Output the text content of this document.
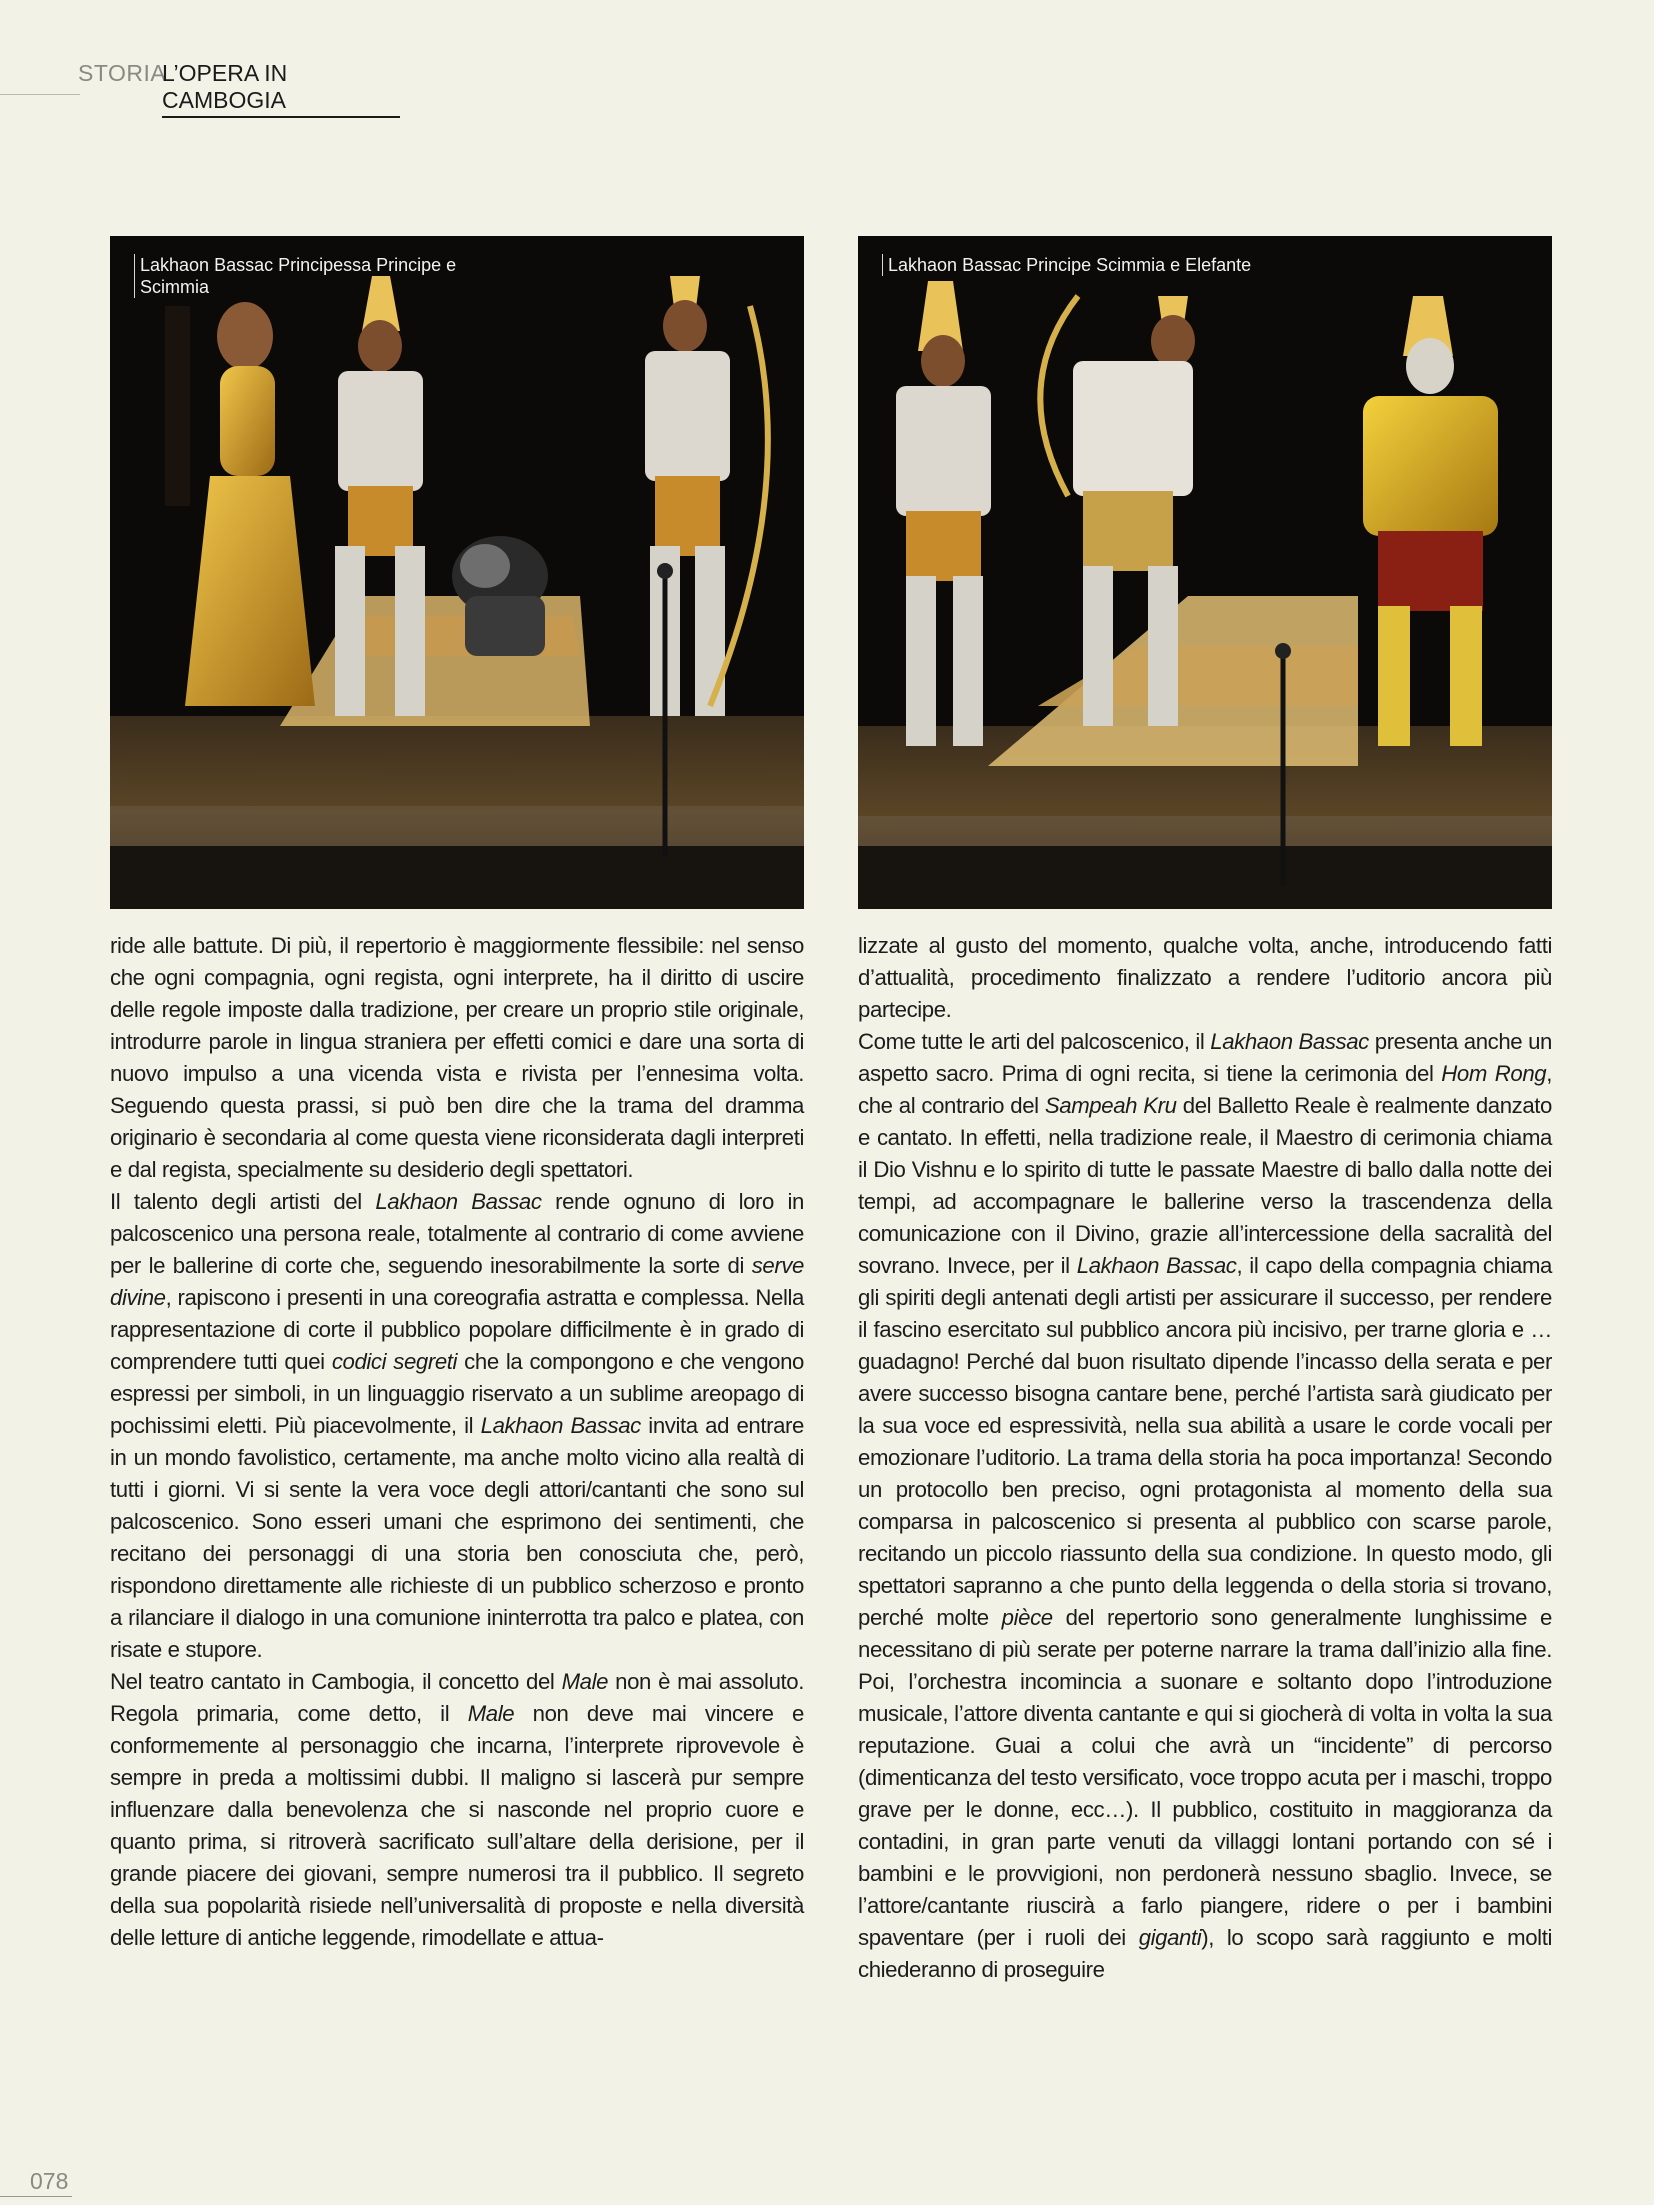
STORIA
L’OPERA IN CAMBOGIA
Lakhaon Bassac Principessa Principe e Scimmia
Lakhaon Bassac Principe Scimmia e Elefante

ride alle battute. Di più, il repertorio è maggiormente flessibile: nel senso che ogni compagnia, ogni regista, ogni interprete, ha il diritto di uscire delle regole imposte dalla tradizione, per creare un proprio stile originale, introdurre parole in lingua straniera per effetti comici e dare una sorta di nuovo impulso a una vicenda vista e rivista per l’ennesima volta. Seguendo questa prassi, si può ben dire che la trama del dramma originario è secondaria al come questa viene riconsiderata dagli interpreti e dal regista, specialmente su desiderio degli spettatori.

Il talento degli artisti del Lakhaon Bassac rende ognuno di loro in palcoscenico una persona reale, totalmente al contrario di come avviene per le ballerine di corte che, seguendo inesorabilmente la sorte di serve divine, rapiscono i presenti in una coreografia astratta e complessa. Nella rappresentazione di corte il pubblico popolare difficilmente è in grado di comprendere tutti quei codici segreti che la compongono e che vengono espressi per simboli, in un linguaggio riservato a un sublime areopago di pochissimi eletti. Più piacevolmente, il Lakhaon Bassac invita ad entrare in un mondo favolistico, certamente, ma anche molto vicino alla realtà di tutti i giorni. Vi si sente la vera voce degli attori/cantanti che sono sul palcoscenico. Sono esseri umani che esprimono dei sentimenti, che recitano dei personaggi di una storia ben conosciuta che, però, rispondono direttamente alle richieste di un pubblico scherzoso e pronto a rilanciare il dialogo in una comunione ininterrotta tra palco e platea, con risate e stupore.

Nel teatro cantato in Cambogia, il concetto del Male non è mai assoluto. Regola primaria, come detto, il Male non deve mai vincere e conformemente al personaggio che incarna, l’interprete riprovevole è sempre in preda a moltissimi dubbi. Il maligno si lascerà pur sempre influenzare dalla benevolenza che si nasconde nel proprio cuore e quanto prima, si ritroverà sacrificato sull’altare della derisione, per il grande piacere dei giovani, sempre numerosi tra il pubblico. Il segreto della sua popolarità risiede nell’universalità di proposte e nella diversità delle letture di antiche leggende, rimodellate e attua-

lizzate al gusto del momento, qualche volta, anche, introducendo fatti d’attualità, procedimento finalizzato a rendere l’uditorio ancora più partecipe.

Come tutte le arti del palcoscenico, il Lakhaon Bassac presenta anche un aspetto sacro. Prima di ogni recita, si tiene la cerimonia del Hom Rong, che al contrario del Sampeah Kru del Balletto Reale è realmente danzato e cantato. In effetti, nella tradizione reale, il Maestro di cerimonia chiama il Dio Vishnu e lo spirito di tutte le passate Maestre di ballo dalla notte dei tempi, ad accompagnare le ballerine verso la trascendenza della comunicazione con il Divino, grazie all’intercessione della sacralità del sovrano. Invece, per il Lakhaon Bassac, il capo della compagnia chiama gli spiriti degli antenati degli artisti per assicurare il successo, per rendere il fascino esercitato sul pubblico ancora più incisivo, per trarne gloria e … guadagno! Perché dal buon risultato dipende l’incasso della serata e per avere successo bisogna cantare bene, perché l’artista sarà giudicato per la sua voce ed espressività, nella sua abilità a usare le corde vocali per emozionare l’uditorio. La trama della storia ha poca importanza! Secondo un protocollo ben preciso, ogni protagonista al momento della sua comparsa in palcoscenico si presenta al pubblico con scarse parole, recitando un piccolo riassunto della sua condizione. In questo modo, gli spettatori sapranno a che punto della leggenda o della storia si trovano, perché molte pièce del repertorio sono generalmente lunghissime e necessitano di più serate per poterne narrare la trama dall’inizio alla fine. Poi, l’orchestra incomincia a suonare e soltanto dopo l’introduzione musicale, l’attore diventa cantante e qui si giocherà di volta in volta la sua reputazione. Guai a colui che avrà un “incidente” di percorso (dimenticanza del testo versificato, voce troppo acuta per i maschi, troppo grave per le donne, ecc…). Il pubblico, costituito in maggioranza da contadini, in gran parte venuti da villaggi lontani portando con sé i bambini e le provvigioni, non perdonerà nessuno sbaglio. Invece, se l’attore/cantante riuscirà a farlo piangere, ridere o per i bambini spaventare (per i ruoli dei giganti), lo scopo sarà raggiunto e molti chiederanno di proseguire

078
